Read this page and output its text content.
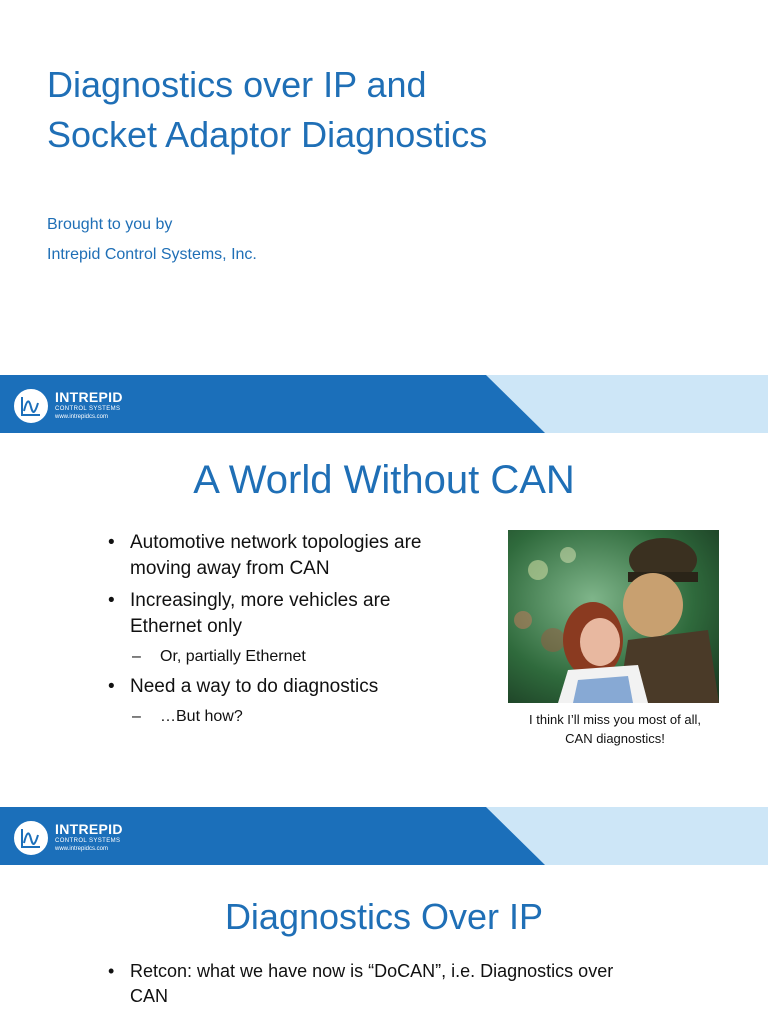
Diagnostics over IP and
Socket Adaptor Diagnostics
Brought to you by
Intrepid Control Systems, Inc.
INTREPID
CONTROL SYSTEMS
www.intrepidcs.com
A World Without CAN
• Automotive network topologies are moving away from CAN
• Increasingly, more vehicles are Ethernet only
– Or, partially Ethernet
• Need a way to do diagnostics
– …But how?	I think I’ll miss you most of all,
CAN diagnostics!
INTREPID
CONTROL SYSTEMS
www.intrepidcs.com
Diagnostics Over IP
• Retcon: what we have now is “DoCAN”, i.e. Diagnostics over CAN
